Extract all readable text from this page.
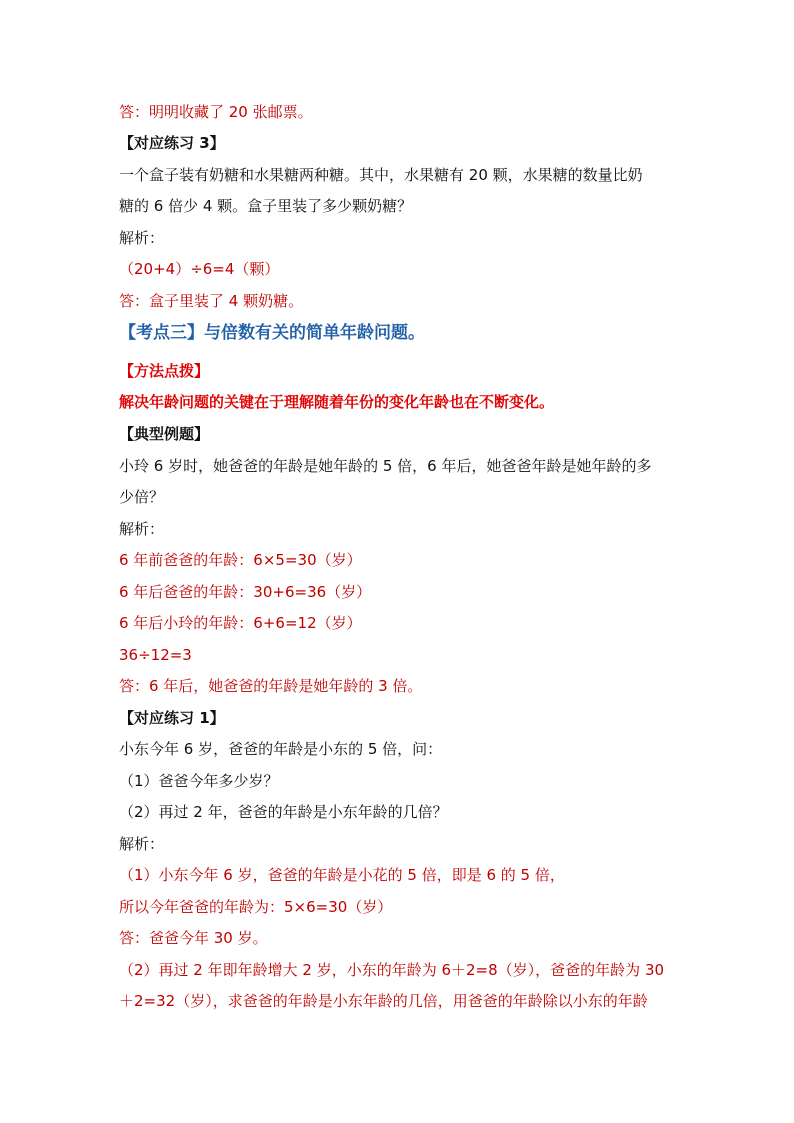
答：明明收藏了 20 张邮票。
【对应练习 3】
一个盒子装有奶糖和水果糖两种糖。其中，水果糖有 20 颗，水果糖的数量比奶
糖的 6 倍少 4 颗。盒子里装了多少颗奶糖？
解析：
（20+4）÷6=4（颗）
答：盒子里装了 4 颗奶糖。
【考点三】与倍数有关的简单年龄问题。
【方法点拨】
解决年龄问题的关键在于理解随着年份的变化年龄也在不断变化。
【典型例题】
小玲 6 岁时，她爸爸的年龄是她年龄的 5 倍，6 年后，她爸爸年龄是她年龄的多
少倍？
解析：
6 年前爸爸的年龄：6×5=30（岁）
6 年后爸爸的年龄：30+6=36（岁）
6 年后小玲的年龄：6+6=12（岁）
36÷12=3
答：6 年后，她爸爸的年龄是她年龄的 3 倍。
【对应练习 1】
小东今年 6 岁，爸爸的年龄是小东的 5 倍，问：
（1）爸爸今年多少岁？
（2）再过 2 年，爸爸的年龄是小东年龄的几倍？
解析：
（1）小东今年 6 岁，爸爸的年龄是小花的 5 倍，即是 6 的 5 倍，
所以今年爸爸的年龄为：5×6=30（岁）
答：爸爸今年 30 岁。
（2）再过 2 年即年龄增大 2 岁，小东的年龄为 6＋2=8（岁），爸爸的年龄为 30
＋2=32（岁），求爸爸的年龄是小东年龄的几倍，用爸爸的年龄除以小东的年龄
